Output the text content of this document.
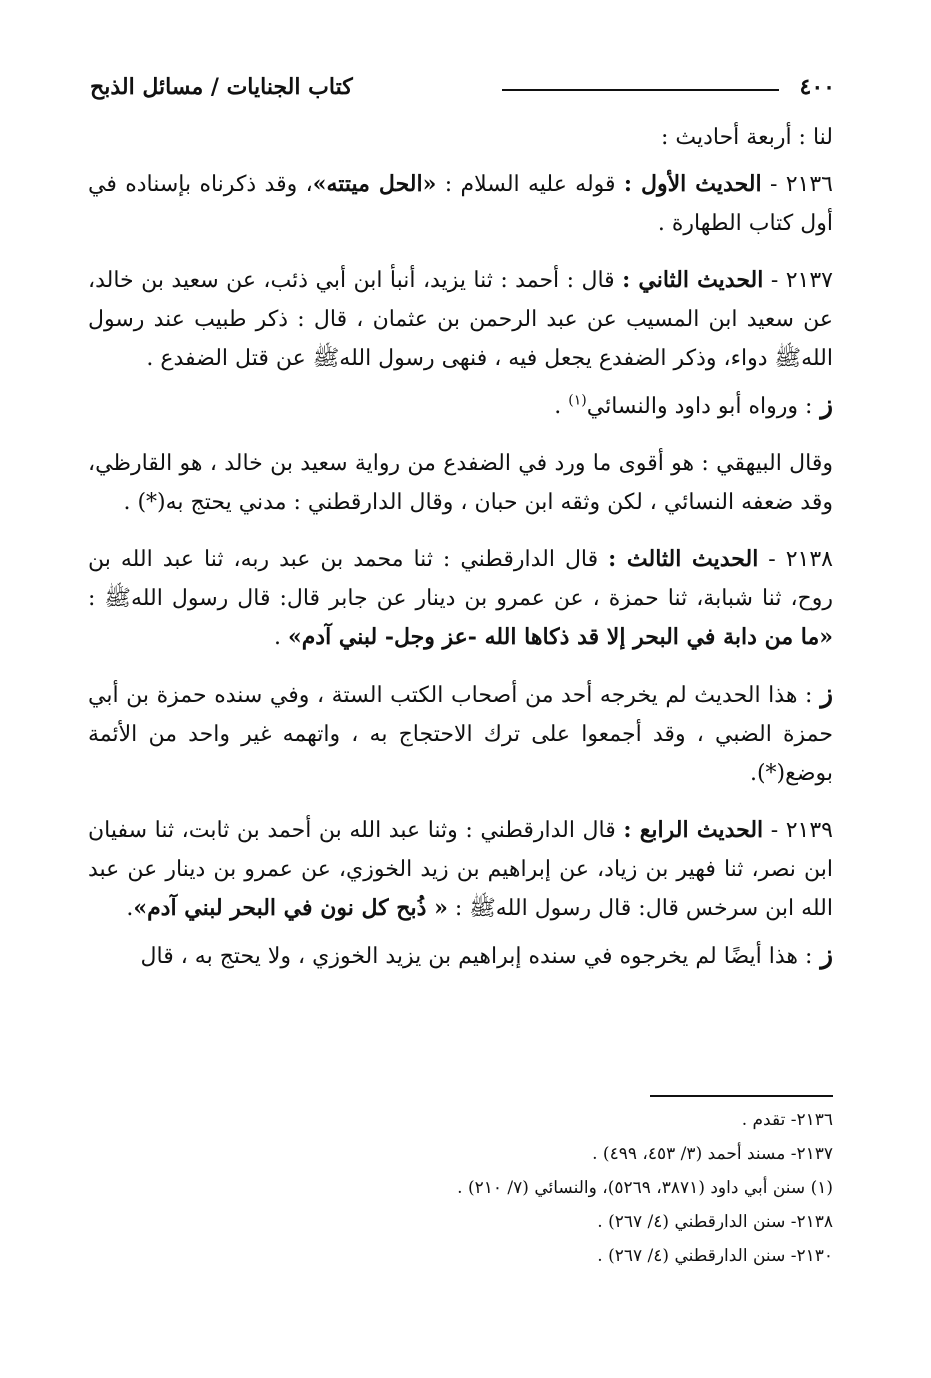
٤٠٠
كتاب الجنايات / مسائل الذبح

لنا : أربعة أحاديث :

٢١٣٦ - الحديث الأول : قوله عليه السلام : «الحل ميتته»، وقد ذكرناه بإسناده في أول كتاب الطهارة .

٢١٣٧ - الحديث الثاني : قال : أحمد : ثنا يزيد، أنبأ ابن أبي ذئب، عن سعيد بن خالد، عن سعيد ابن المسيب عن عبد الرحمن بن عثمان ، قال : ذكر طبيب عند رسول اللهﷺ دواء، وذكر الضفدع يجعل فيه ، فنهى رسول اللهﷺ عن قتل الضفدع .

ز: ورواه أبو داود والنسائي$^{(١)}$ .

وقال البيهقي : هو أقوى ما ورد في الضفدع من رواية سعيد بن خالد ، هو القارظي، وقد ضعفه النسائي ، لكن وثقه ابن حبان ، وقال الدارقطني : مدني يحتج به(*) .

٢١٣٨ - الحديث الثالث : قال الدارقطني : ثنا محمد بن عبد ربه، ثنا عبد الله بن روح، ثنا شبابة، ثنا حمزة ، عن عمرو بن دينار عن جابر قال: قال رسول اللهﷺ : «ما من دابة في البحر إلا قد ذكاها الله -عز وجل- لبني آدم» .

ز: هذا الحديث لم يخرجه أحد من أصحاب الكتب الستة ، وفي سنده حمزة بن أبي حمزة الضبي ، وقد أجمعوا على ترك الاحتجاج به ، واتهمه غير واحد من الأئمة بوضع(*).

٢١٣٩ - الحديث الرابع : قال الدارقطني : وثنا عبد الله بن أحمد بن ثابت، ثنا سفيان ابن نصر، ثنا فهير بن زياد، عن إبراهيم بن زيد الخوزي، عن عمرو بن دينار عن عبد الله ابن سرخس قال: قال رسول اللهﷺ : « ذُبح كل نون في البحر لبني آدم».

ز: هذا أيضًا لم يخرجوه في سنده إبراهيم بن يزيد الخوزي ، ولا يحتج به ، قال

٢١٣٦- تقدم .
٢١٣٧- مسند أحمد (٣/ ٤٥٣، ٤٩٩) .
(١) سنن أبي داود (٣٨٧١، ٥٢٦٩)، والنسائي (٧/ ٢١٠) .
٢١٣٨- سنن الدارقطني (٤/ ٢٦٧) .
٢١٣٠- سنن الدارقطني (٤/ ٢٦٧) .
